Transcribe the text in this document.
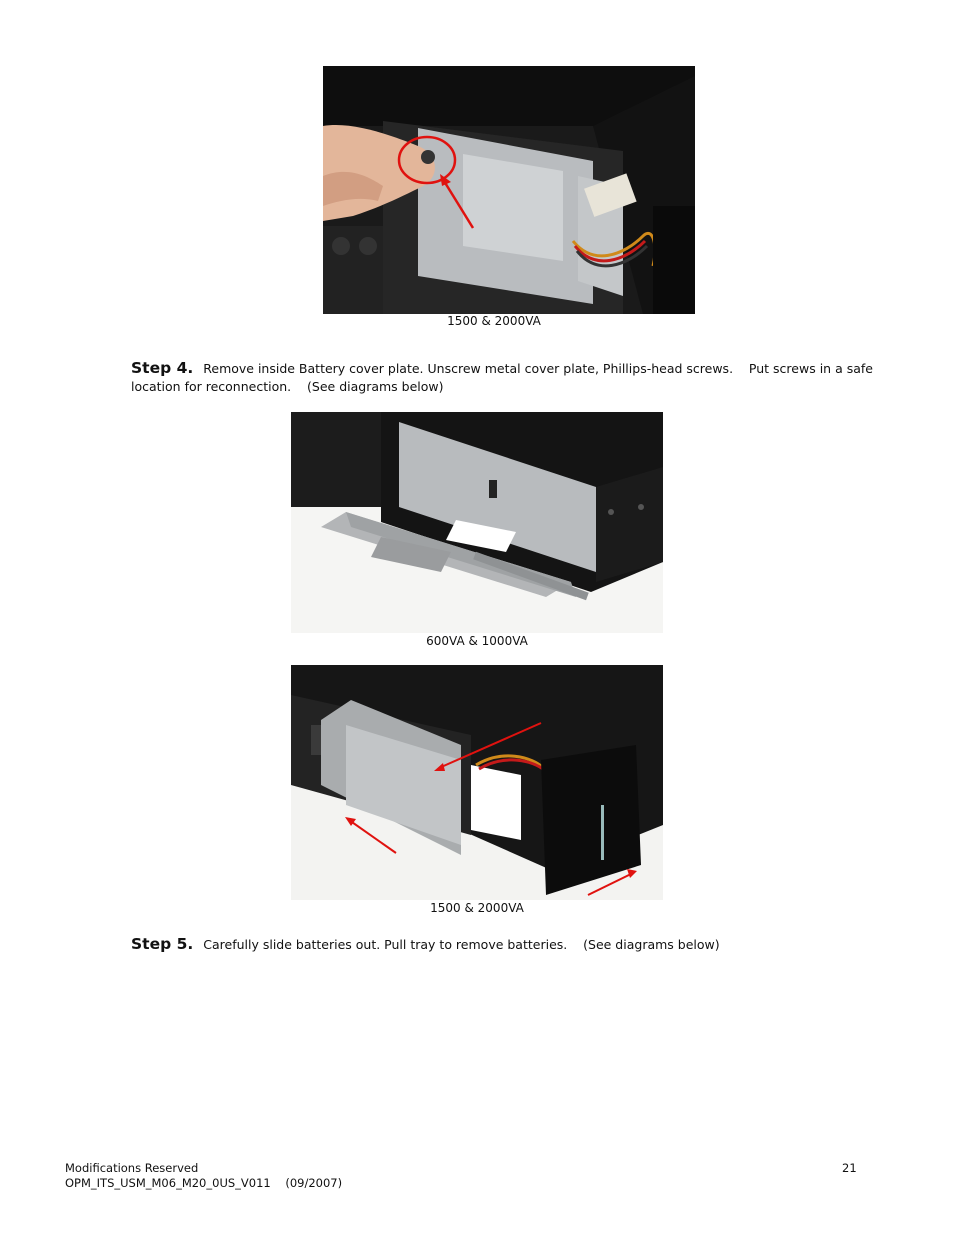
1500 & 2000VA
Step 4. Remove inside Battery cover plate. Unscrew metal cover plate, Phillips-head screws.    Put screws in a safe location for reconnection.    (See diagrams below)
600VA & 1000VA
1500 & 2000VA
Step 5. Carefully slide batteries out. Pull tray to remove batteries.    (See diagrams below)
Modifications Reserved
OPM_ITS_USM_M06_M20_0US_V011    (09/2007)
21
